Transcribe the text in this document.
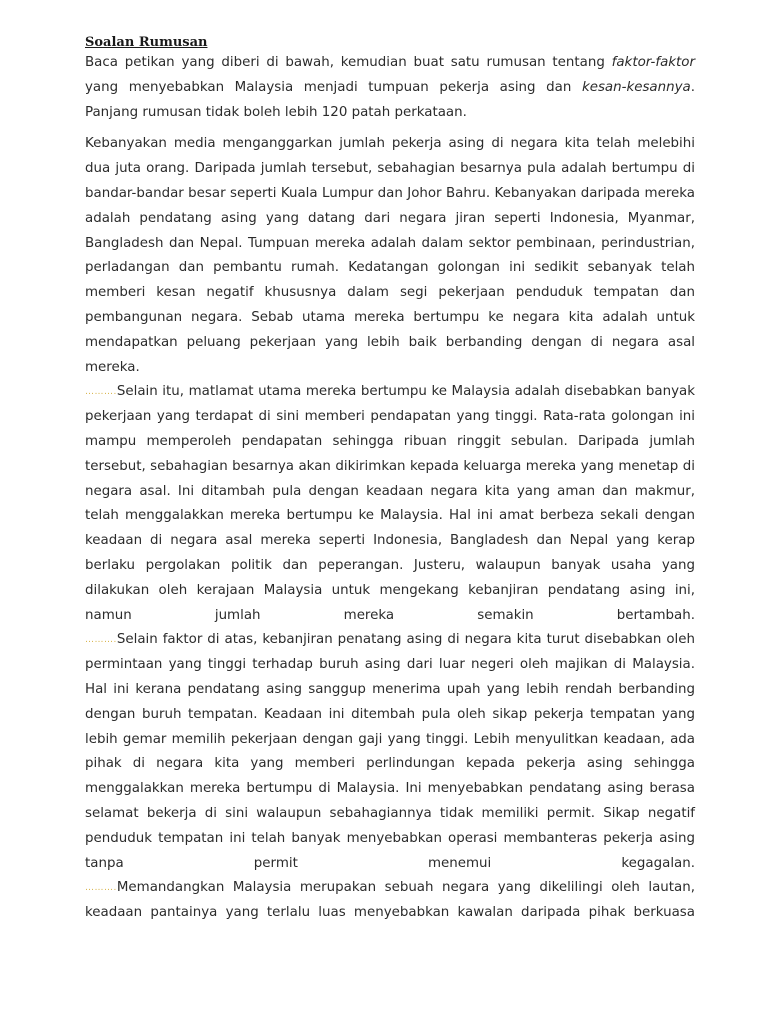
Soalan Rumusan

Baca petikan yang diberi di bawah, kemudian buat satu rumusan tentang faktor-faktor yang menyebabkan Malaysia menjadi tumpuan pekerja asing dan kesan-kesannya. Panjang rumusan tidak boleh lebih 120 patah perkataan.

Kebanyakan media menganggarkan jumlah pekerja asing di negara kita telah melebihi dua juta orang. Daripada jumlah tersebut, sebahagian besarnya pula adalah bertumpu di bandar-bandar besar seperti Kuala Lumpur dan Johor Bahru. Kebanyakan daripada mereka adalah pendatang asing yang datang dari negara jiran seperti Indonesia, Myanmar, Bangladesh dan Nepal. Tumpuan mereka adalah dalam sektor pembinaan, perindustrian, perladangan dan pembantu rumah. Kedatangan golongan ini sedikit sebanyak telah memberi kesan negatif khususnya dalam segi pekerjaan penduduk tempatan dan pembangunan negara. Sebab utama mereka bertumpu ke negara kita adalah untuk mendapatkan peluang pekerjaan yang lebih baik berbanding dengan di negara asal mereka.

……….Selain itu, matlamat utama mereka bertumpu ke Malaysia adalah disebabkan banyak pekerjaan yang terdapat di sini memberi pendapatan yang tinggi. Rata-rata golongan ini mampu memperoleh pendapatan sehingga ribuan ringgit sebulan. Daripada jumlah tersebut, sebahagian besarnya akan dikirimkan kepada keluarga mereka yang menetap di negara asal. Ini ditambah pula dengan keadaan negara kita yang aman dan makmur, telah menggalakkan mereka bertumpu ke Malaysia. Hal ini amat berbeza sekali dengan keadaan di negara asal mereka seperti Indonesia, Bangladesh dan Nepal yang kerap berlaku pergolakan politik dan peperangan. Justeru, walaupun banyak usaha yang dilakukan oleh kerajaan Malaysia untuk mengekang kebanjiran pendatang asing ini, namun jumlah mereka semakin bertambah.

……….Selain faktor di atas, kebanjiran penatang asing di negara kita turut disebabkan oleh permintaan yang tinggi terhadap buruh asing dari luar negeri oleh majikan di Malaysia. Hal ini kerana pendatang asing sanggup menerima upah yang lebih rendah berbanding dengan buruh tempatan. Keadaan ini ditembah pula oleh sikap pekerja tempatan yang lebih gemar memilih pekerjaan dengan gaji yang tinggi. Lebih menyulitkan keadaan, ada pihak di negara kita yang memberi perlindungan kepada pekerja asing sehingga menggalakkan mereka bertumpu di Malaysia. Ini menyebabkan pendatang asing berasa selamat bekerja di sini walaupun sebahagiannya tidak memiliki permit. Sikap negatif penduduk tempatan ini telah banyak menyebabkan operasi membanteras pekerja asing tanpa permit menemui kegagalan.

……….Memandangkan Malaysia merupakan sebuah negara yang dikelilingi oleh lautan, keadaan pantainya yang terlalu luas menyebabkan kawalan daripada pihak berkuasa
